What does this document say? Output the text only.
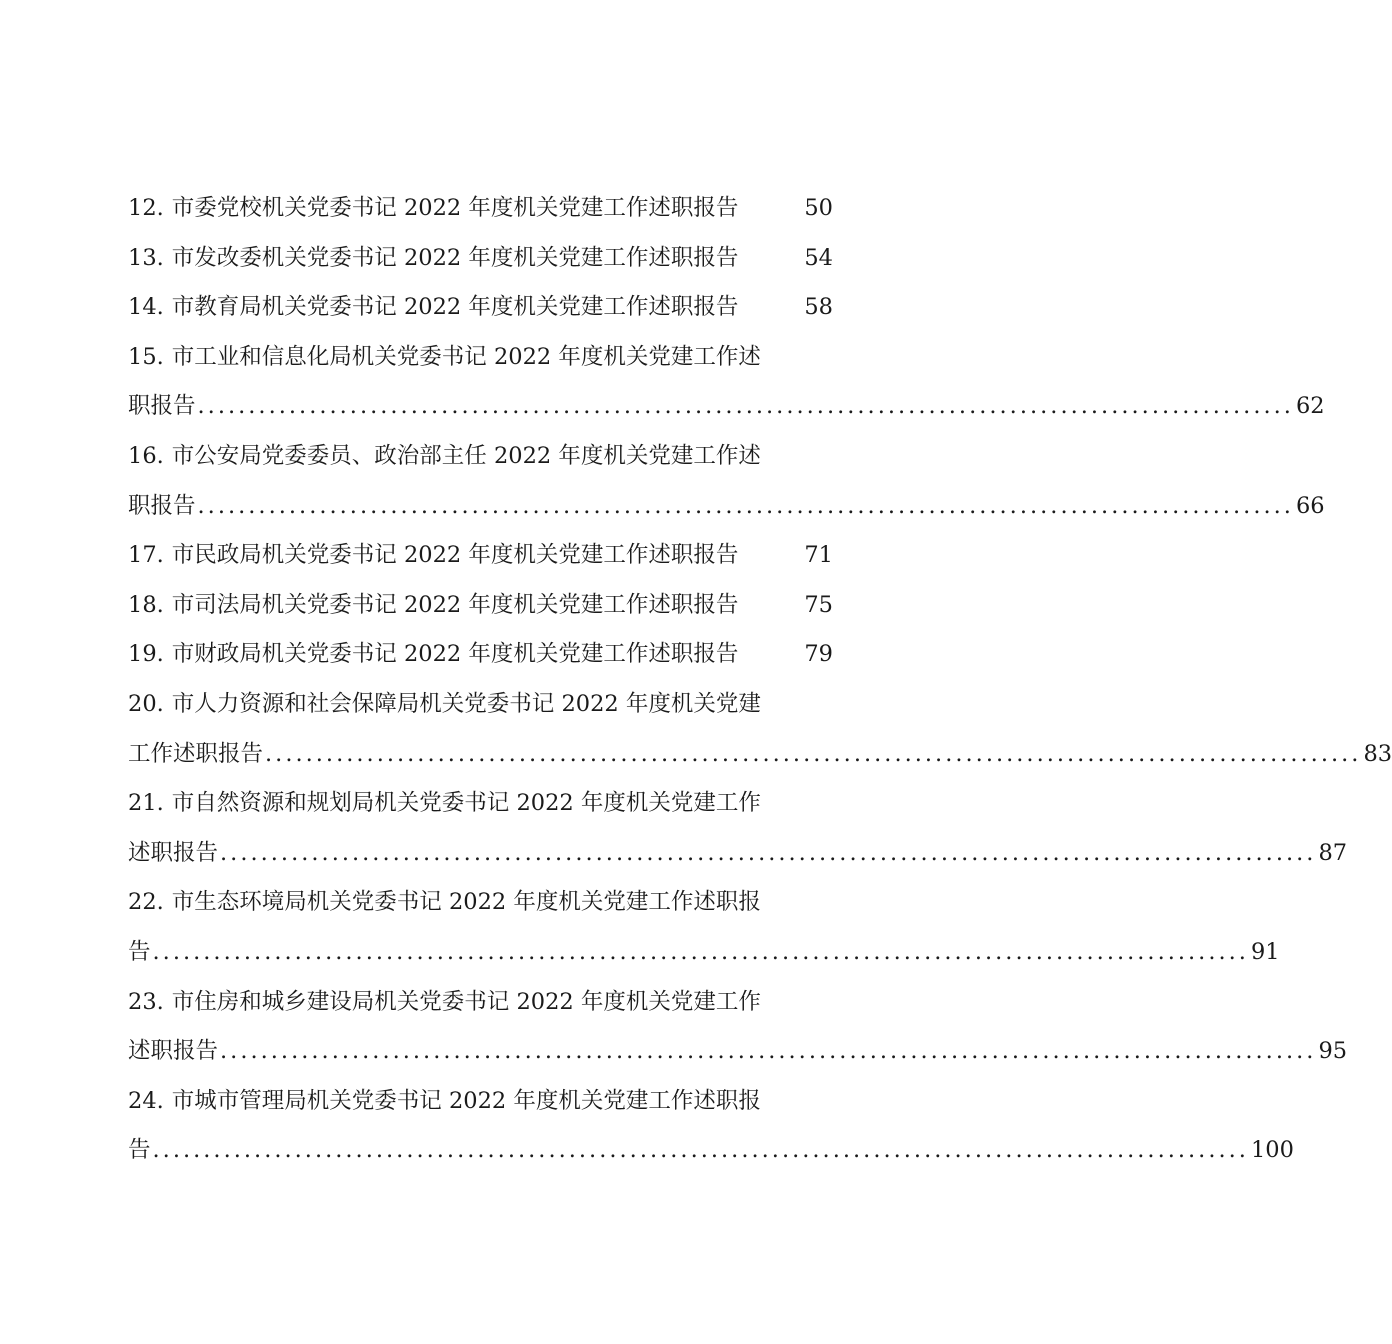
12. 市委党校机关党委书记 2022 年度机关党建工作述职报告	50
13. 市发改委机关党委书记 2022 年度机关党建工作述职报告	54
14. 市教育局机关党委书记 2022 年度机关党建工作述职报告	58
15. 市工业和信息化局机关党委书记 2022 年度机关党建工作述
职报告 ............................................................................................................ 62
16. 市公安局党委委员、政治部主任 2022 年度机关党建工作述
职报告 ............................................................................................................ 66
17. 市民政局机关党委书记 2022 年度机关党建工作述职报告	71
18. 市司法局机关党委书记 2022 年度机关党建工作述职报告	75
19. 市财政局机关党委书记 2022 年度机关党建工作述职报告	79
20. 市人力资源和社会保障局机关党委书记 2022 年度机关党建
工作述职报告 ............................................................................................................ 83
21. 市自然资源和规划局机关党委书记 2022 年度机关党建工作
述职报告 ............................................................................................................ 87
22. 市生态环境局机关党委书记 2022 年度机关党建工作述职报
告 ............................................................................................................ 91
23. 市住房和城乡建设局机关党委书记 2022 年度机关党建工作
述职报告 ............................................................................................................ 95
24. 市城市管理局机关党委书记 2022 年度机关党建工作述职报
告 ............................................................................................................ 100
